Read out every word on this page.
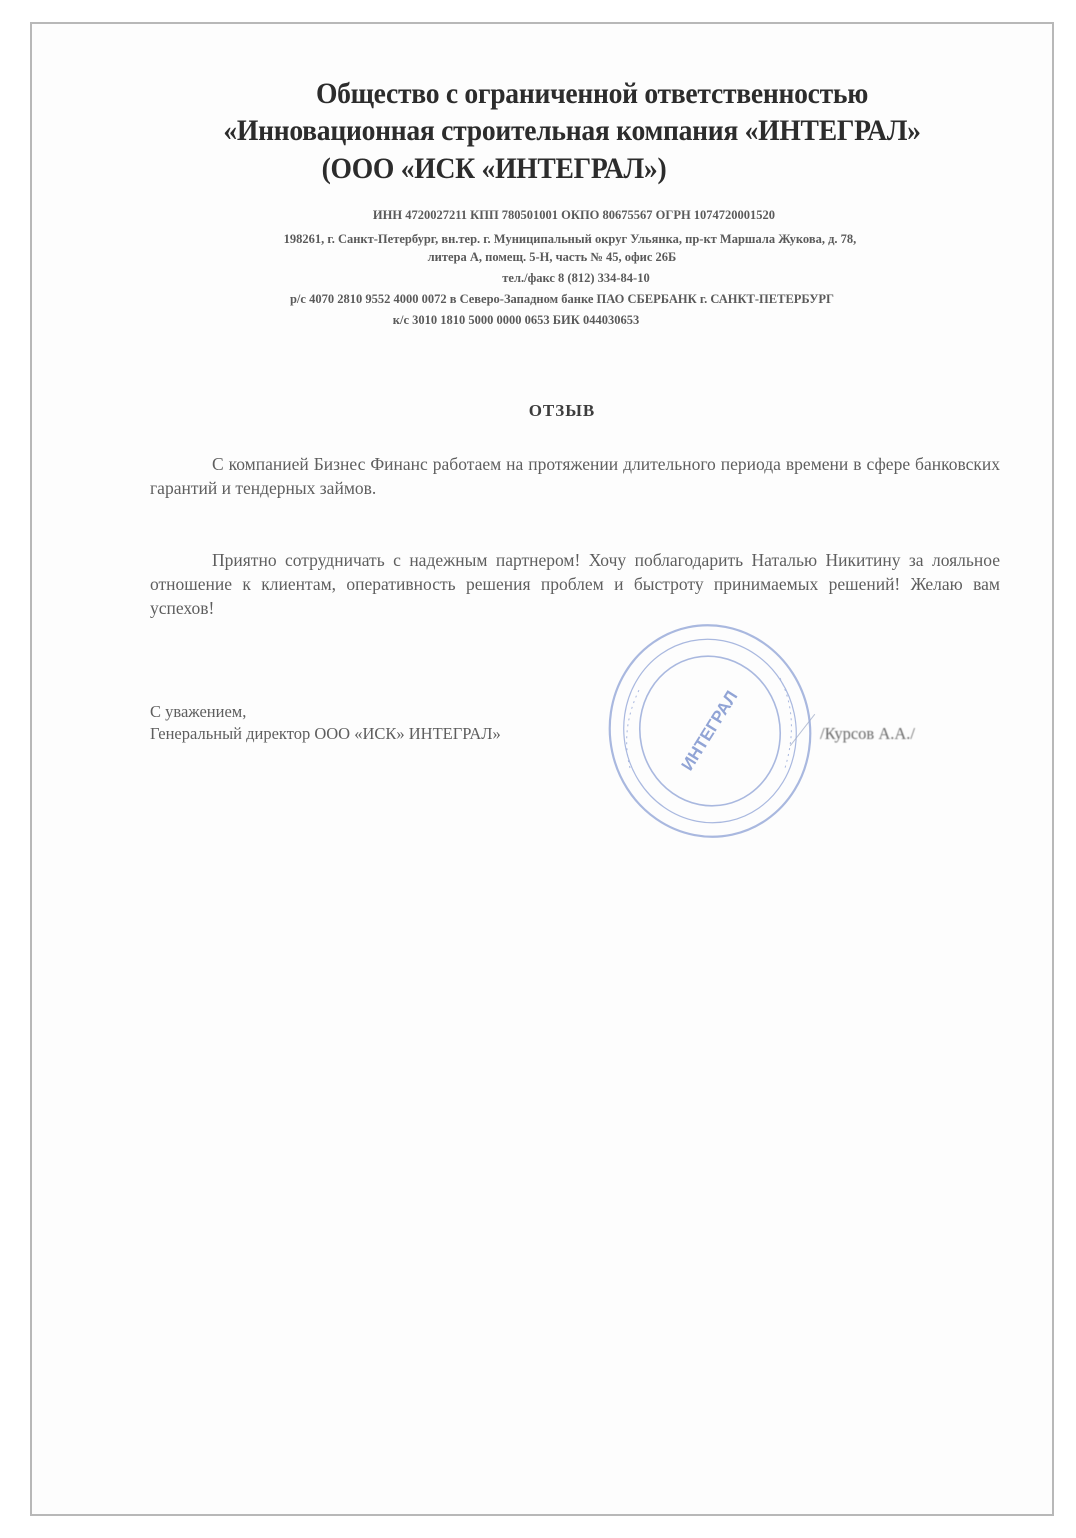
Общество с ограниченной ответственностью
«Инновационная строительная компания «ИНТЕГРАЛ»
(ООО «ИСК «ИНТЕГРАЛ»)
ИНН 4720027211 КПП 780501001 ОКПО 80675567 ОГРН 1074720001520
198261, г. Санкт-Петербург, вн.тер. г. Муниципальный округ Ульянка, пр-кт Маршала Жукова, д. 78,
литера А, помещ. 5-Н, часть № 45, офис 26Б
тел./факс 8 (812) 334-84-10
р/с 4070 2810 9552 4000 0072 в Северо-Западном банке ПАО СБЕРБАНК г. САНКТ-ПЕТЕРБУРГ
к/с 3010 1810 5000 0000 0653 БИК 044030653
ОТЗЫВ
С компанией Бизнес Финанс работаем на протяжении длительного периода времени в сфере банковских гарантий и тендерных займов.
Приятно сотрудничать с надежным партнером! Хочу поблагодарить Наталью Никитину за лояльное отношение к клиентам, оперативность решения проблем и быстроту принимаемых решений! Желаю вам успехов!
С уважением,
Генеральный директор ООО «ИСК» ИНТЕГРАЛ»	ИНТЕГРАЛ	/Курсов А.А./
